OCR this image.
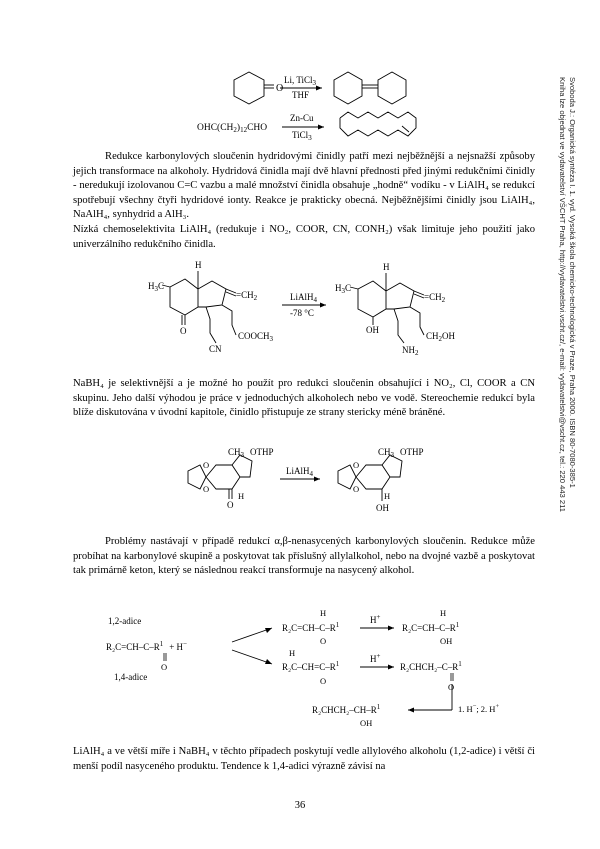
O
Li, TiCl$_3$
THF
$OHC(CH_2)_{12}CHO$
Zn-Cu
TiCl$_3$

Redukce karbonylových sloučenin hydridovými činidly patří mezi nejběžnější a nejsnažší způsoby jejich transformace na alkoholy. Hydridová činidla mají dvě hlavní přednosti před jinými redukčními činidly - neredukují izolovanou C=C vazbu a malé množství činidla obsahuje „hodně“ vodíku - v LiAlH₄ se redukcí spotřebují všechny čtyři hydridové ionty. Reakce je prakticky obecná. Nejběžnějšími činidly jsou LiAlH₄, NaAlH₄, synhydrid a AlH₃.

Nízká chemoselektivita LiAlH₄ (redukuje i NO₂, COOR, CN, CONH₂) však limituje jeho použití jako univerzálního redukčního činidla.

$H_3C$
H
$=CH_2$
O
CN
$COOCH_3$
LiAlH$_4$
-78 °C
$H_3C$
H
$=CH_2$
OH
$CH_2OH$
$NH_2$

NaBH₄ je selektivnější a je možné ho použít pro redukci sloučenin obsahující i NO₂, Cl, COOR a CN skupinu. Jeho další výhodou je práce v jednoduchých alkoholech nebo ve vodě. Stereochemie redukcí byla blíže diskutována v úvodní kapitole, činidlo přistupuje ze strany stericky méně bráněné.

O
O
$CH_3$ OTHP
O
H
LiAlH$_4$
O
O
$CH_3$ OTHP
H
OH

Problémy nastávají v případě redukcí α,β-nenasycených karbonylových sloučenin. Redukce může probíhat na karbonylové skupině a poskytovat tak příslušný allylalkohol, nebo na dvojné vazbě a poskytovat tak primárně keton, který se následnou reakcí transformuje na nasycený alkohol.

1,2-adice
$R_2C=CH-C-R^1 + H^-$
O
1,4-adice
$R_2C=CH-C-R^1$
H
O
H+
$R_2C=CH-C-R^1$
H
OH
R₂C–$CH=C-R^1$
H
O
H+
R₂CHCH₂–$C-R^1$
O
1. H−; 2. H+
R₂CHCH₂–$CH-R^1$
OH

LiAlH₄ a ve větší míře i NaBH₄ v těchto případech poskytují vedle allylového alkoholu (1,2-adice) i větší či menší podíl nasyceného produktu. Tendence k 1,4-adici výrazně závisí na

36
Svoboda J.: Organická syntéza I. 1. vyd. Vysoká škola chemicko-technologická v Praze, Praha 2000. ISBN 80-7080-385-1
Kniha lze objednat ve vydavatelství VŠCHT Praha, http://vydavatelstvi.vscht.cz/, e-mail: vydavatelstvi@vscht.cz, tel.: 220 443 211
